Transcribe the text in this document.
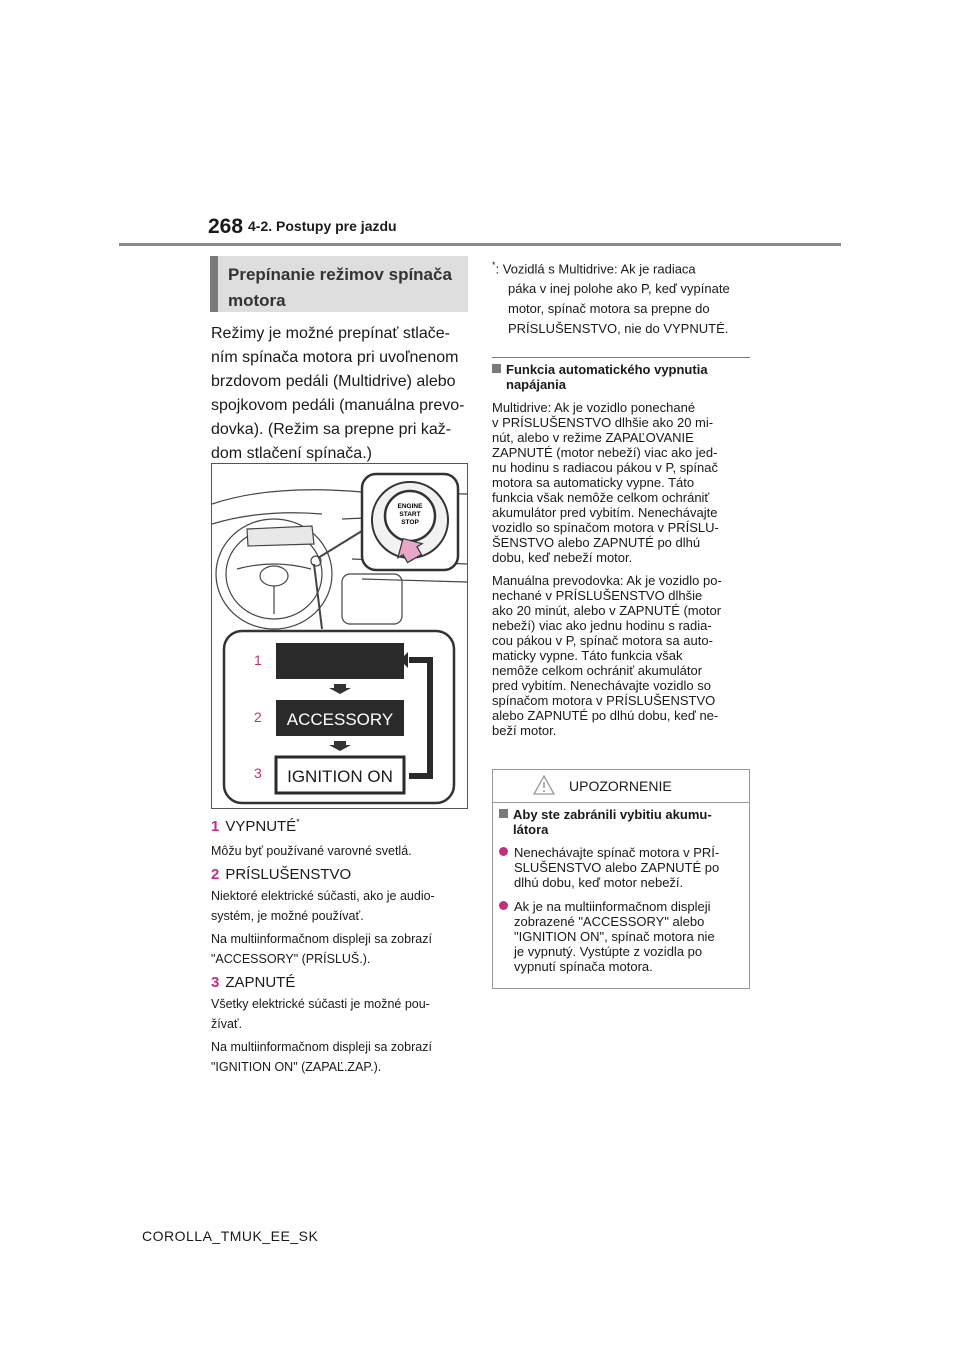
268 4-2. Postupy pre jazdu
Prepínanie režimov spínača
motora
Režimy je možné prepínať stlače-
ním spínača motora pri uvoľnenom
brzdovom pedáli (Multidrive) alebo
spojkovom pedáli (manuálna prevo-
dovka). (Režim sa prepne pri kaž-
dom stlačení spínača.)
ENGINE
START
STOP
1
2
3
ACCESSORY
IGNITION ON
1 VYPNUTÉ*
Môžu byť používané varovné svetlá.
2 PRÍSLUŠENSTVO
Niektoré elektrické súčasti, ako je audio-
systém, je možné používať.
Na multiinformačnom displeji sa zobrazí
"ACCESSORY" (PRÍSLUŠ.).
3 ZAPNUTÉ
Všetky elektrické súčasti je možné pou-
žívať.
Na multiinformačnom displeji sa zobrazí
"IGNITION ON" (ZAPAĽ.ZAP.).
*: Vozidlá s Multidrive: Ak je radiaca
páka v inej polohe ako P, keď vypínate
motor, spínač motora sa prepne do
PRÍSLUŠENSTVO, nie do VYPNUTÉ.
Funkcia automatického vypnutia
napájania
Multidrive: Ak je vozidlo ponechané
v PRÍSLUŠENSTVO dlhšie ako 20 mi-
nút, alebo v režime ZAPAĽOVANIE
ZAPNUTÉ (motor nebeží) viac ako jed-
nu hodinu s radiacou pákou v P, spínač
motora sa automaticky vypne. Táto
funkcia však nemôže celkom ochrániť
akumulátor pred vybitím. Nenechávajte
vozidlo so spínačom motora v PRÍSLU-
ŠENSTVO alebo ZAPNUTÉ po dlhú
dobu, keď nebeží motor.
Manuálna prevodovka: Ak je vozidlo po-
nechané v PRÍSLUŠENSTVO dlhšie
ako 20 minút, alebo v ZAPNUTÉ (motor
nebeží) viac ako jednu hodinu s radia-
cou pákou v P, spínač motora sa auto-
maticky vypne. Táto funkcia však
nemôže celkom ochrániť akumulátor
pred vybitím. Nenechávajte vozidlo so
spínačom motora v PRÍSLUŠENSTVO
alebo ZAPNUTÉ po dlhú dobu, keď ne-
beží motor.
UPOZORNENIE
Aby ste zabránili vybitiu akumu-
látora
Nenechávajte spínač motora v PRÍ-
SLUŠENSTVO alebo ZAPNUTÉ po
dlhú dobu, keď motor nebeží.
Ak je na multiinformačnom displeji
zobrazené "ACCESSORY" alebo
"IGNITION ON", spínač motora nie
je vypnutý. Vystúpte z vozidla po
vypnutí spínača motora.
COROLLA_TMUK_EE_SK
